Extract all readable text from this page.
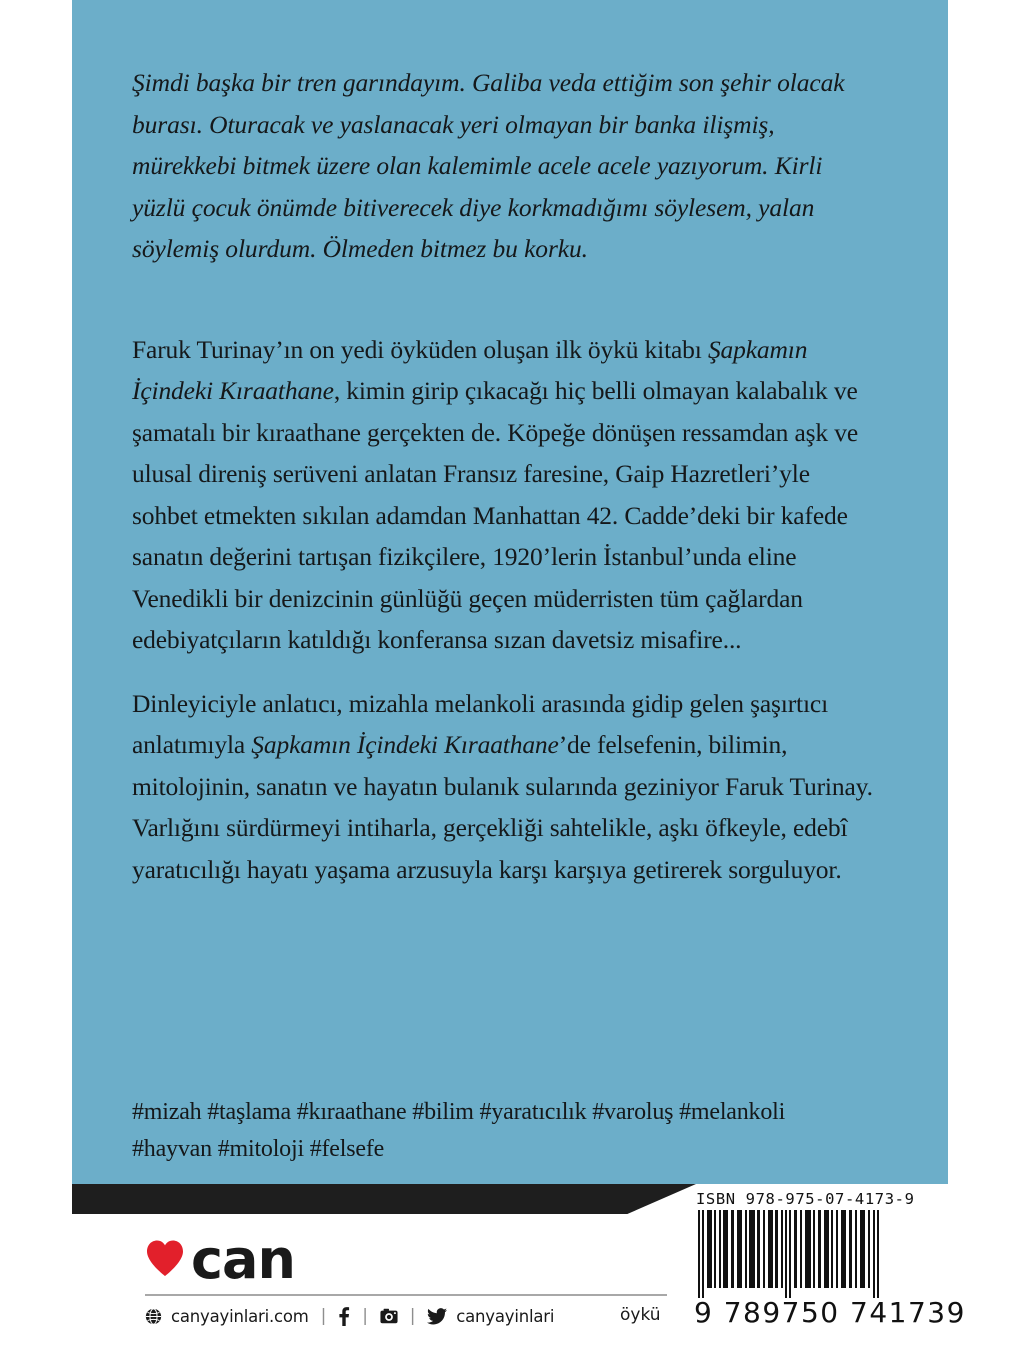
Şimdi başka bir tren garındayım. Galiba veda ettiğim son şehir olacak burası. Oturacak ve yaslanacak yeri olmayan bir banka ilişmiş, mürekkebi bitmek üzere olan kalemimle acele acele yazıyorum. Kirli yüzlü çocuk önümde bitiverecek diye korkmadığımı söylesem, yalan söylemiş olurdum. Ölmeden bitmez bu korku.
Faruk Turinay’ın on yedi öyküden oluşan ilk öykü kitabı Şapkamın İçindeki Kıraathane, kimin girip çıkacağı hiç belli olmayan kalabalık ve şamatalı bir kıraathane gerçekten de. Köpeğe dönüşen ressamdan aşk ve ulusal direniş serüveni anlatan Fransız faresine, Gaip Hazretleri’yle sohbet etmekten sıkılan adamdan Manhattan 42. Cadde’deki bir kafede sanatın değerini tartışan fizikçilere, 1920’lerin İstanbul’unda eline Venedikli bir denizcinin günlüğü geçen müderristen tüm çağlardan edebiyatçıların katıldığı konferansa sızan davetsiz misafire...
Dinleyiciyle anlatıcı, mizahla melankoli arasında gidip gelen şaşırtıcı anlatımıyla Şapkamın İçindeki Kıraathane’de felsefenin, bilimin, mitolojinin, sanatın ve hayatın bulanık sularında geziniyor Faruk Turinay. Varlığını sürdürmeyi intiharla, gerçekliği sahtelikle, aşkı öfkeyle, edebî yaratıcılığı hayatı yaşama arzusuyla karşı karşıya getirerek sorguluyor.
#mizah #taşlama #kıraathane #bilim #yaratıcılık #varoluş #melankoli
#hayvan #mitoloji #felsefe
can
canyayinlari.com | | | canyayinlari	öykü
ISBN 978-975-07-4173-9
9 789750 741739
